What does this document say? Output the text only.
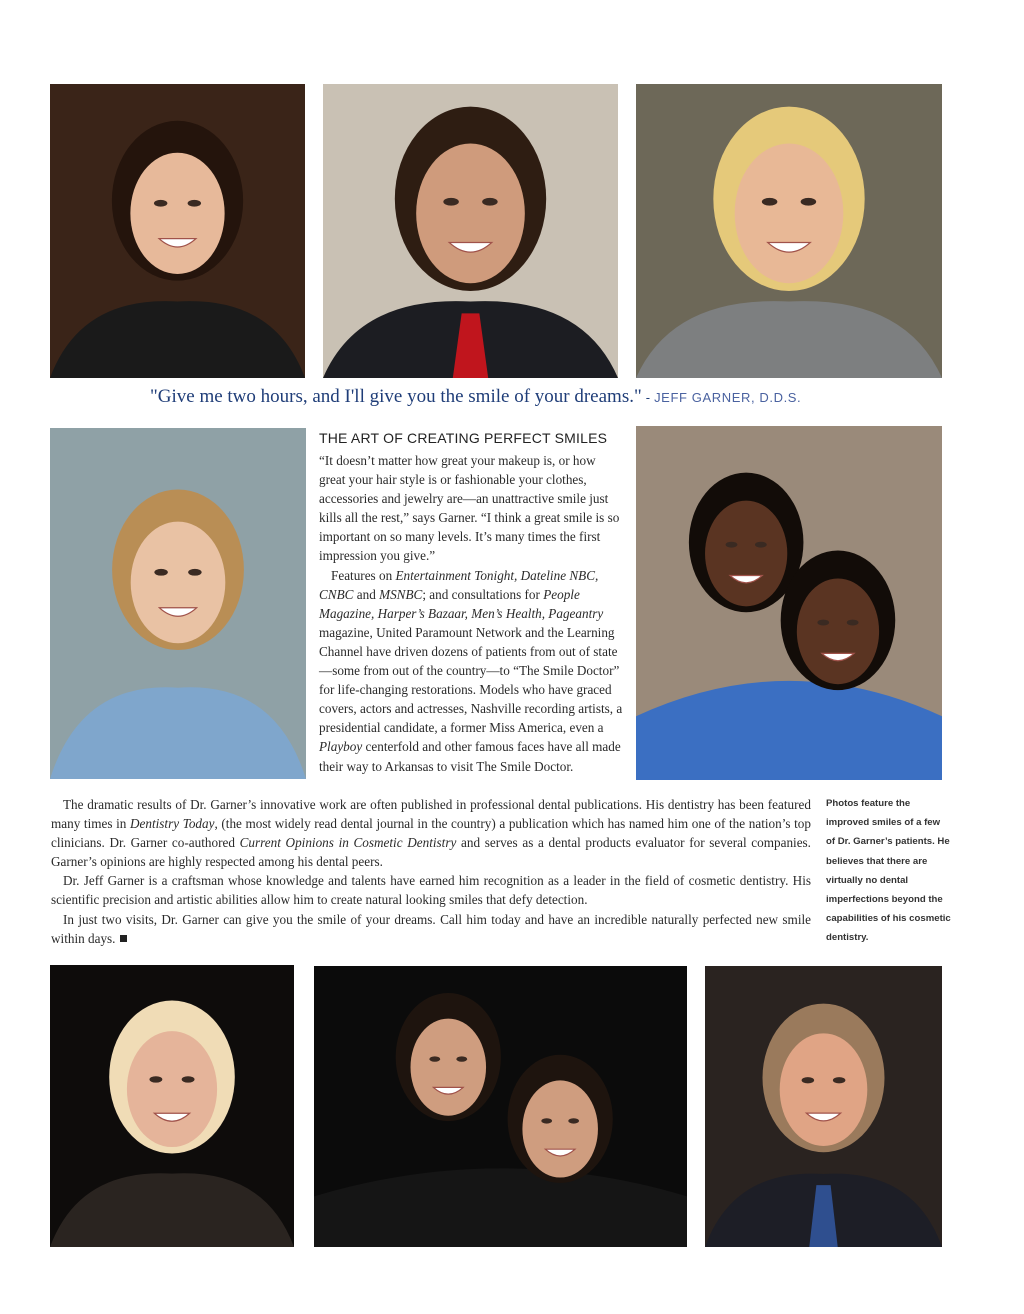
"Give me two hours, and I'll give you the smile of your dreams." - JEFF GARNER, D.D.S.
THE ART OF CREATING PERFECT SMILES

“It doesn’t matter how great your makeup is, or how great your hair style is or fashionable your clothes, accessories and jewelry are—an unattractive smile just kills all the rest,” says Garner. “I think a great smile is so important on so many levels. It’s many times the first impression you give.”

Features on Entertainment Tonight, Dateline NBC, CNBC and MSNBC; and consultations for People Magazine, Harper’s Bazaar, Men’s Health, Pageantry magazine, United Paramount Network and the Learning Channel have driven dozens of patients from out of state—some from out of the country—to “The Smile Doctor” for life-changing restorations. Models who have graced covers, actors and actresses, Nashville recording artists, a presidential candidate, a former Miss America, even a Playboy centerfold and other famous faces have all made their way to Arkansas to visit The Smile Doctor.

The dramatic results of Dr. Garner’s innovative work are often published in professional dental publications. His dentistry has been featured many times in Dentistry Today, (the most widely read dental journal in the country) a publication which has named him one of the nation’s top clinicians. Dr. Garner co-authored Current Opinions in Cosmetic Dentistry and serves as a dental products evaluator for several companies. Garner’s opinions are highly respected among his dental peers.

Dr. Jeff Garner is a craftsman whose knowledge and talents have earned him recognition as a leader in the field of cosmetic dentistry. His scientific precision and artistic abilities allow him to create natural looking smiles that defy detection.

In just two visits, Dr. Garner can give you the smile of your dreams. Call him today and have an incredible naturally perfected new smile within days.

Photos feature the improved smiles of a few of Dr. Garner’s patients. He believes that there are virtually no dental imperfections beyond the capabilities of his cosmetic dentistry.
